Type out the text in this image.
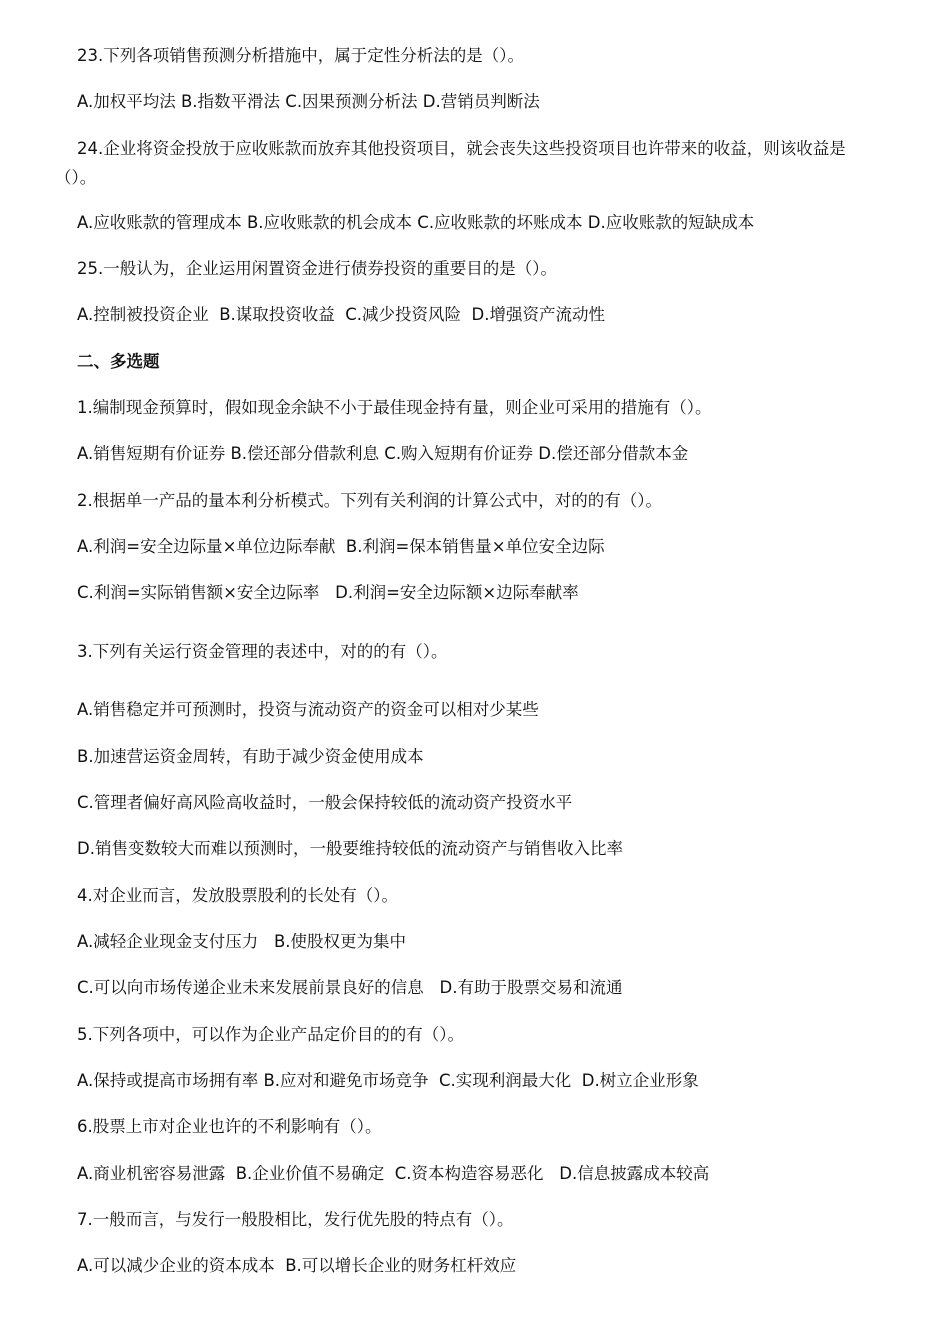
23.下列各项销售预测分析措施中，属于定性分析法的是（）。
A.加权平均法 B.指数平滑法 C.因果预测分析法 D.营销员判断法
24.企业将资金投放于应收账款而放弃其他投资项目，就会丧失这些投资项目也许带来的收益，则该收益是
（）。
A.应收账款的管理成本 B.应收账款的机会成本 C.应收账款的坏账成本 D.应收账款的短缺成本
25.一般认为，企业运用闲置资金进行债券投资的重要目的是（）。
A.控制被投资企业  B.谋取投资收益  C.减少投资风险  D.增强资产流动性
二、多选题
1.编制现金预算时，假如现金余缺不小于最佳现金持有量，则企业可采用的措施有（）。
A.销售短期有价证券 B.偿还部分借款利息 C.购入短期有价证券 D.偿还部分借款本金
2.根据单一产品的量本利分析模式。下列有关利润的计算公式中，对的的有（）。
A.利润=安全边际量×单位边际奉献  B.利润=保本销售量×单位安全边际
C.利润=实际销售额×安全边际率   D.利润=安全边际额×边际奉献率
3.下列有关运行资金管理的表述中，对的的有（）。
A.销售稳定并可预测时，投资与流动资产的资金可以相对少某些
B.加速营运资金周转，有助于减少资金使用成本
C.管理者偏好高风险高收益时，一般会保持较低的流动资产投资水平
D.销售变数较大而难以预测时，一般要维持较低的流动资产与销售收入比率
4.对企业而言，发放股票股利的长处有（）。
A.减轻企业现金支付压力   B.使股权更为集中
C.可以向市场传递企业未来发展前景良好的信息   D.有助于股票交易和流通
5.下列各项中，可以作为企业产品定价目的的有（）。
A.保持或提高市场拥有率 B.应对和避免市场竞争  C.实现利润最大化  D.树立企业形象
6.股票上市对企业也许的不利影响有（）。
A.商业机密容易泄露  B.企业价值不易确定  C.资本构造容易恶化   D.信息披露成本较高
7.一般而言，与发行一般股相比，发行优先股的特点有（）。
A.可以减少企业的资本成本  B.可以增长企业的财务杠杆效应
